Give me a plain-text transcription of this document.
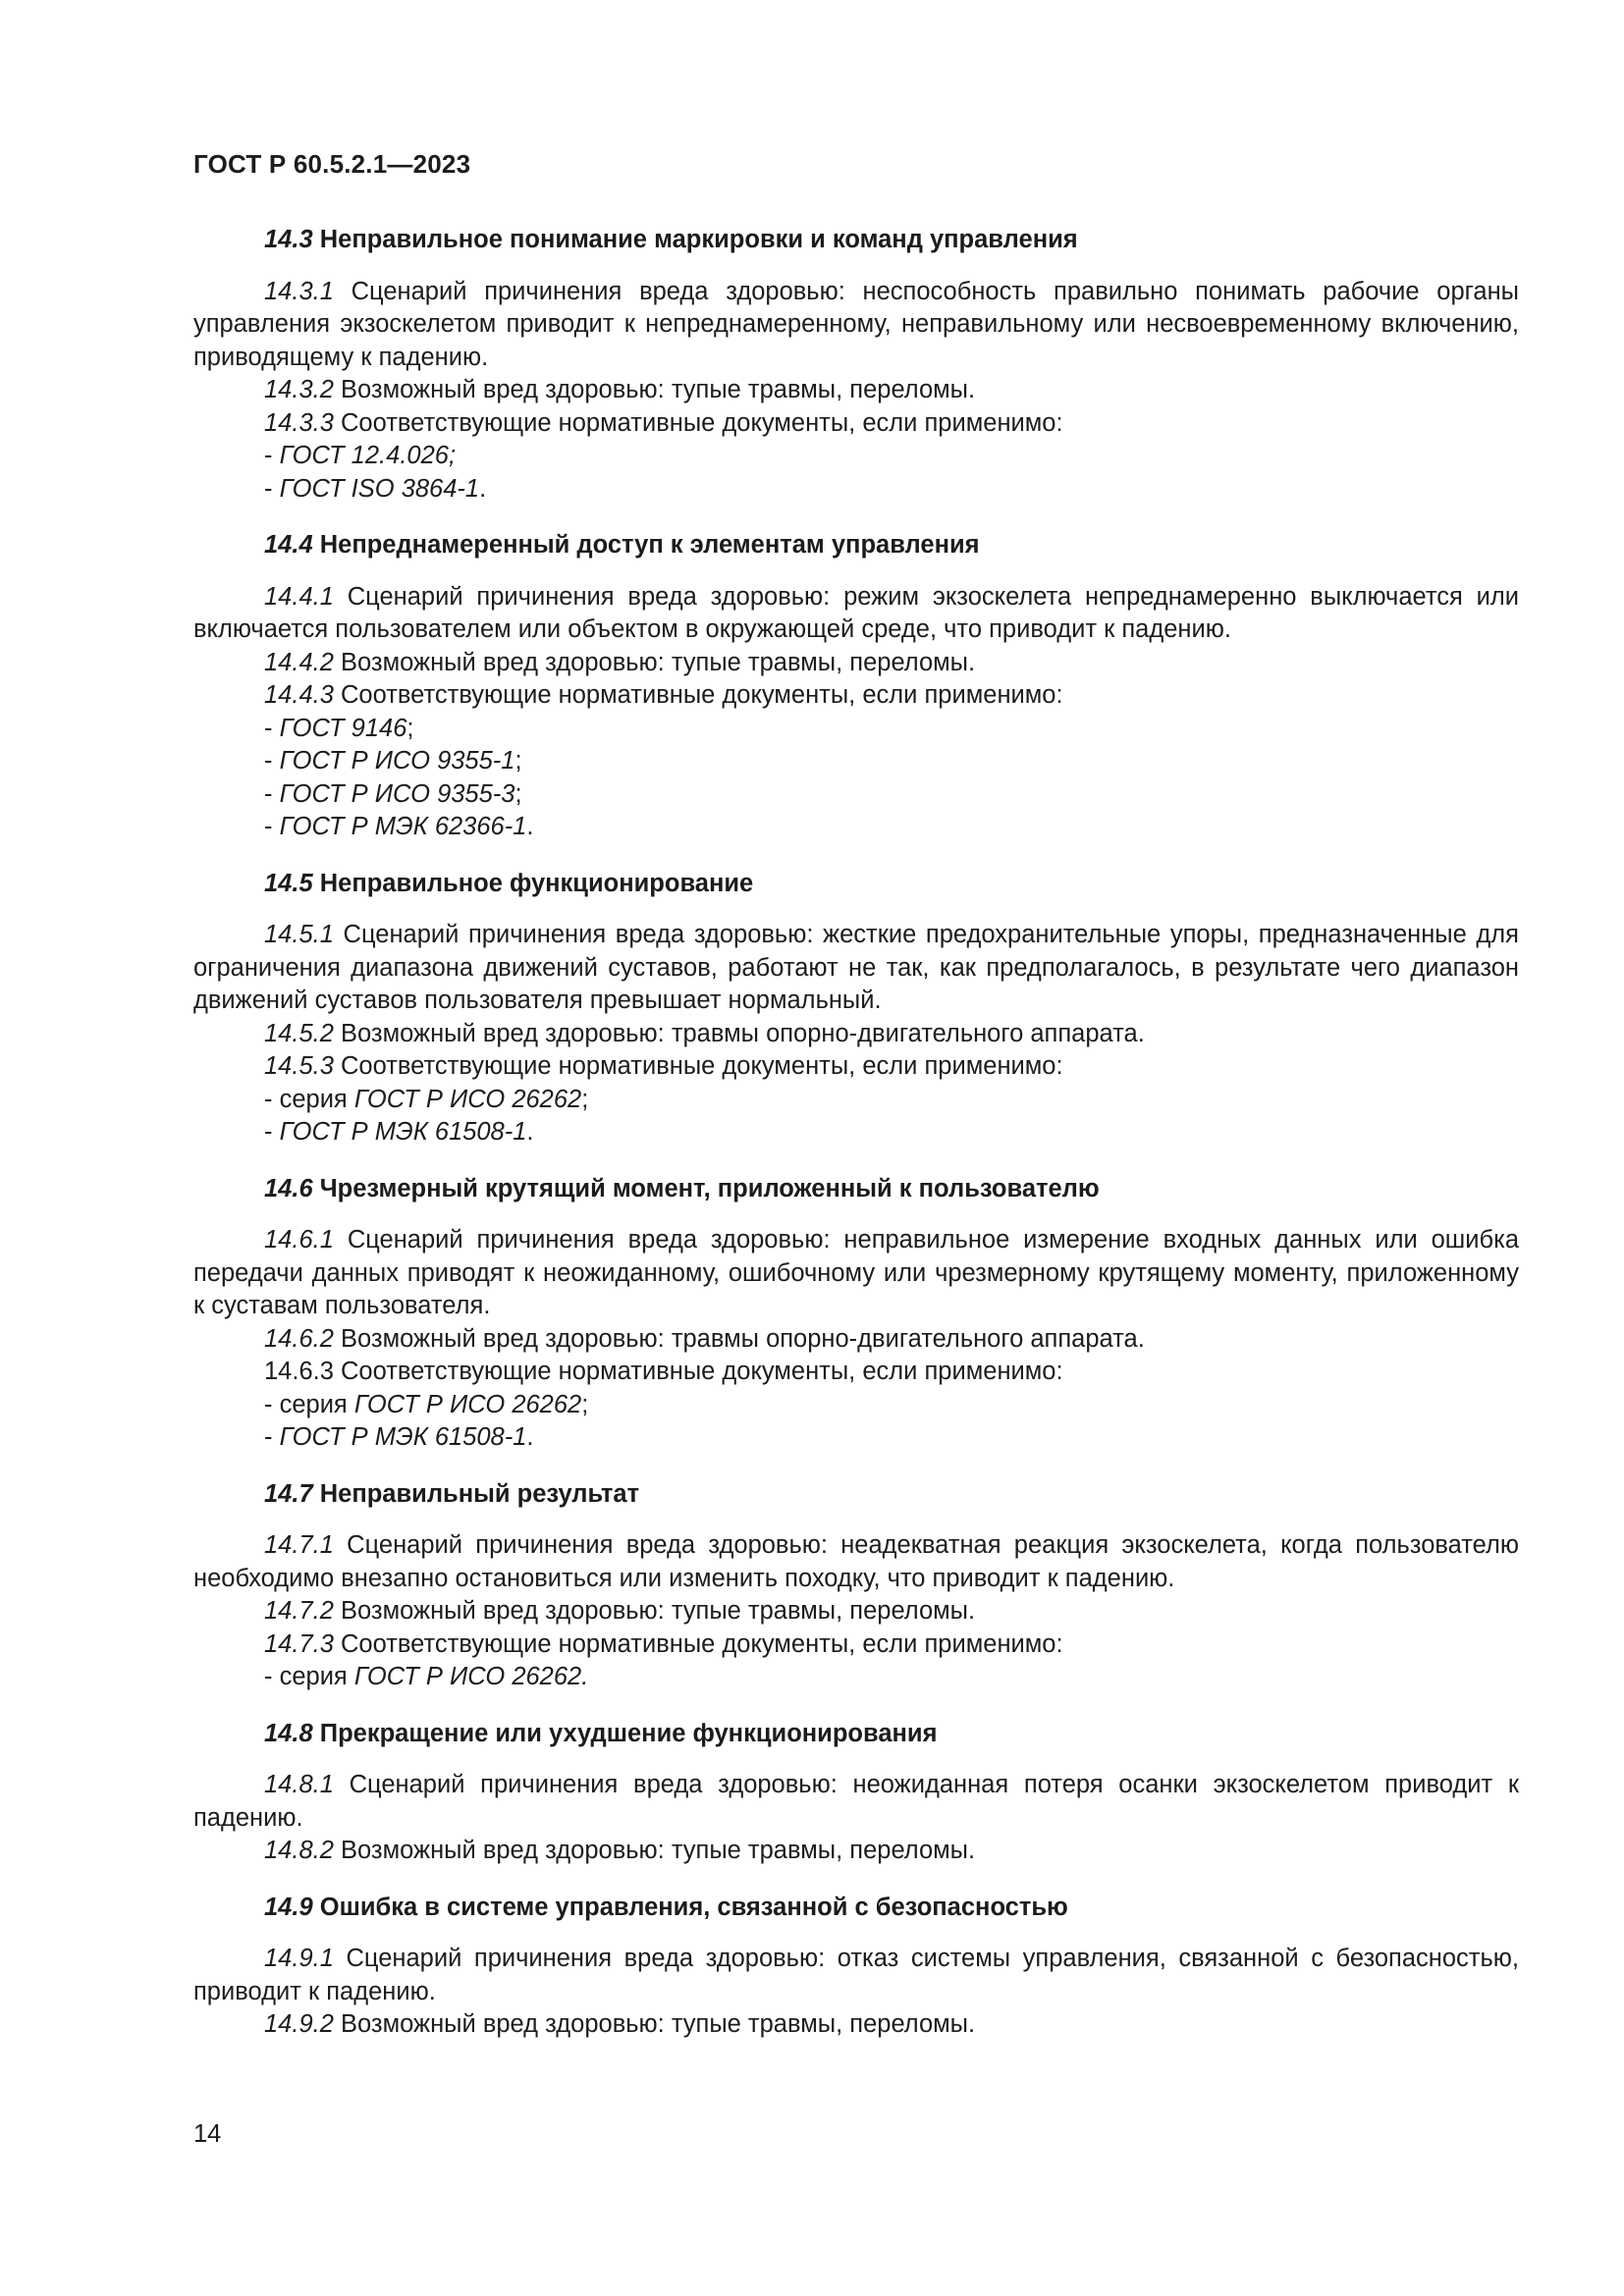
ГОСТ Р 60.5.2.1—2023
14.3 Неправильное понимание маркировки и команд управления

14.3.1 Сценарий причинения вреда здоровью: неспособность правильно понимать рабочие органы управления экзоскелетом приводит к непреднамеренному, неправильному или несвоевременному включению, приводящему к падению.

14.3.2 Возможный вред здоровью: тупые травмы, переломы.

14.3.3 Соответствующие нормативные документы, если применимо:

- ГОСТ 12.4.026;

- ГОСТ ISO 3864-1.

14.4 Непреднамеренный доступ к элементам управления

14.4.1 Сценарий причинения вреда здоровью: режим экзоскелета непреднамеренно выключается или включается пользователем или объектом в окружающей среде, что приводит к падению.

14.4.2 Возможный вред здоровью: тупые травмы, переломы.

14.4.3 Соответствующие нормативные документы, если применимо:

- ГОСТ 9146;

- ГОСТ Р ИСО 9355-1;

- ГОСТ Р ИСО 9355-3;

- ГОСТ Р МЭК 62366-1.

14.5 Неправильное функционирование

14.5.1 Сценарий причинения вреда здоровью: жесткие предохранительные упоры, предназначенные для ограничения диапазона движений суставов, работают не так, как предполагалось, в результате чего диапазон движений суставов пользователя превышает нормальный.

14.5.2 Возможный вред здоровью: травмы опорно-двигательного аппарата.

14.5.3 Соответствующие нормативные документы, если применимо:

- серия ГОСТ Р ИСО 26262;

- ГОСТ Р МЭК 61508-1.

14.6 Чрезмерный крутящий момент, приложенный к пользователю

14.6.1 Сценарий причинения вреда здоровью: неправильное измерение входных данных или ошибка передачи данных приводят к неожиданному, ошибочному или чрезмерному крутящему моменту, приложенному к суставам пользователя.

14.6.2 Возможный вред здоровью: травмы опорно-двигательного аппарата.

14.6.3 Соответствующие нормативные документы, если применимо:

- серия ГОСТ Р ИСО 26262;

- ГОСТ Р МЭК 61508-1.

14.7 Неправильный результат

14.7.1 Сценарий причинения вреда здоровью: неадекватная реакция экзоскелета, когда пользователю необходимо внезапно остановиться или изменить походку, что приводит к падению.

14.7.2 Возможный вред здоровью: тупые травмы, переломы.

14.7.3 Соответствующие нормативные документы, если применимо:

- серия ГОСТ Р ИСО 26262.

14.8 Прекращение или ухудшение функционирования

14.8.1 Сценарий причинения вреда здоровью: неожиданная потеря осанки экзоскелетом приводит к падению.

14.8.2 Возможный вред здоровью: тупые травмы, переломы.

14.9 Ошибка в системе управления, связанной с безопасностью

14.9.1 Сценарий причинения вреда здоровью: отказ системы управления, связанной с безопасностью, приводит к падению.

14.9.2 Возможный вред здоровью: тупые травмы, переломы.

14
